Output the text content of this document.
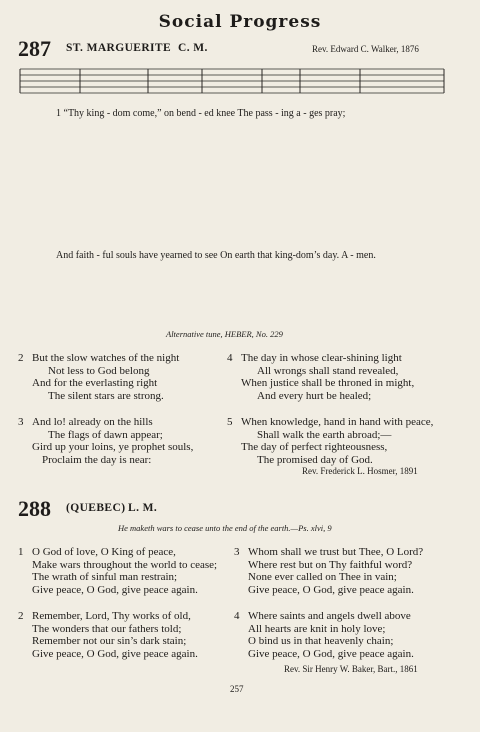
Social Progress
287 ST. MARGUERITE C. M.	Rev. Edward C. Walker, 1876
1 “Thy king - dom come,” on bend - ed knee The pass - ing a - ges pray;
And faith - ful souls have yearned to see On earth that king-dom’s day. A - men.
Alternative tune, HEBER, No. 229
2 But the slow watches of the night
Not less to God belong
And for the everlasting right
The silent stars are strong.
3 And lo! already on the hills
The flags of dawn appear;
Gird up your loins, ye prophet souls,
Proclaim the day is near:
4 The day in whose clear-shining light
All wrongs shall stand revealed,
When justice shall be throned in might,
And every hurt be healed;
5 When knowledge, hand in hand with peace,
Shall walk the earth abroad;—
The day of perfect righteousness,
The promised day of God.
Rev. Frederick L. Hosmer, 1891
288 (QUEBEC) L. M.
He maketh wars to cease unto the end of the earth.—Ps. xlvi, 9
1 O God of love, O King of peace,
Make wars throughout the world to cease;
The wrath of sinful man restrain;
Give peace, O God, give peace again.
2 Remember, Lord, Thy works of old,
The wonders that our fathers told;
Remember not our sin’s dark stain;
Give peace, O God, give peace again.
3 Whom shall we trust but Thee, O Lord?
Where rest but on Thy faithful word?
None ever called on Thee in vain;
Give peace, O God, give peace again.
4 Where saints and angels dwell above
All hearts are knit in holy love;
O bind us in that heavenly chain;
Give peace, O God, give peace again.
Rev. Sir Henry W. Baker, Bart., 1861
257
